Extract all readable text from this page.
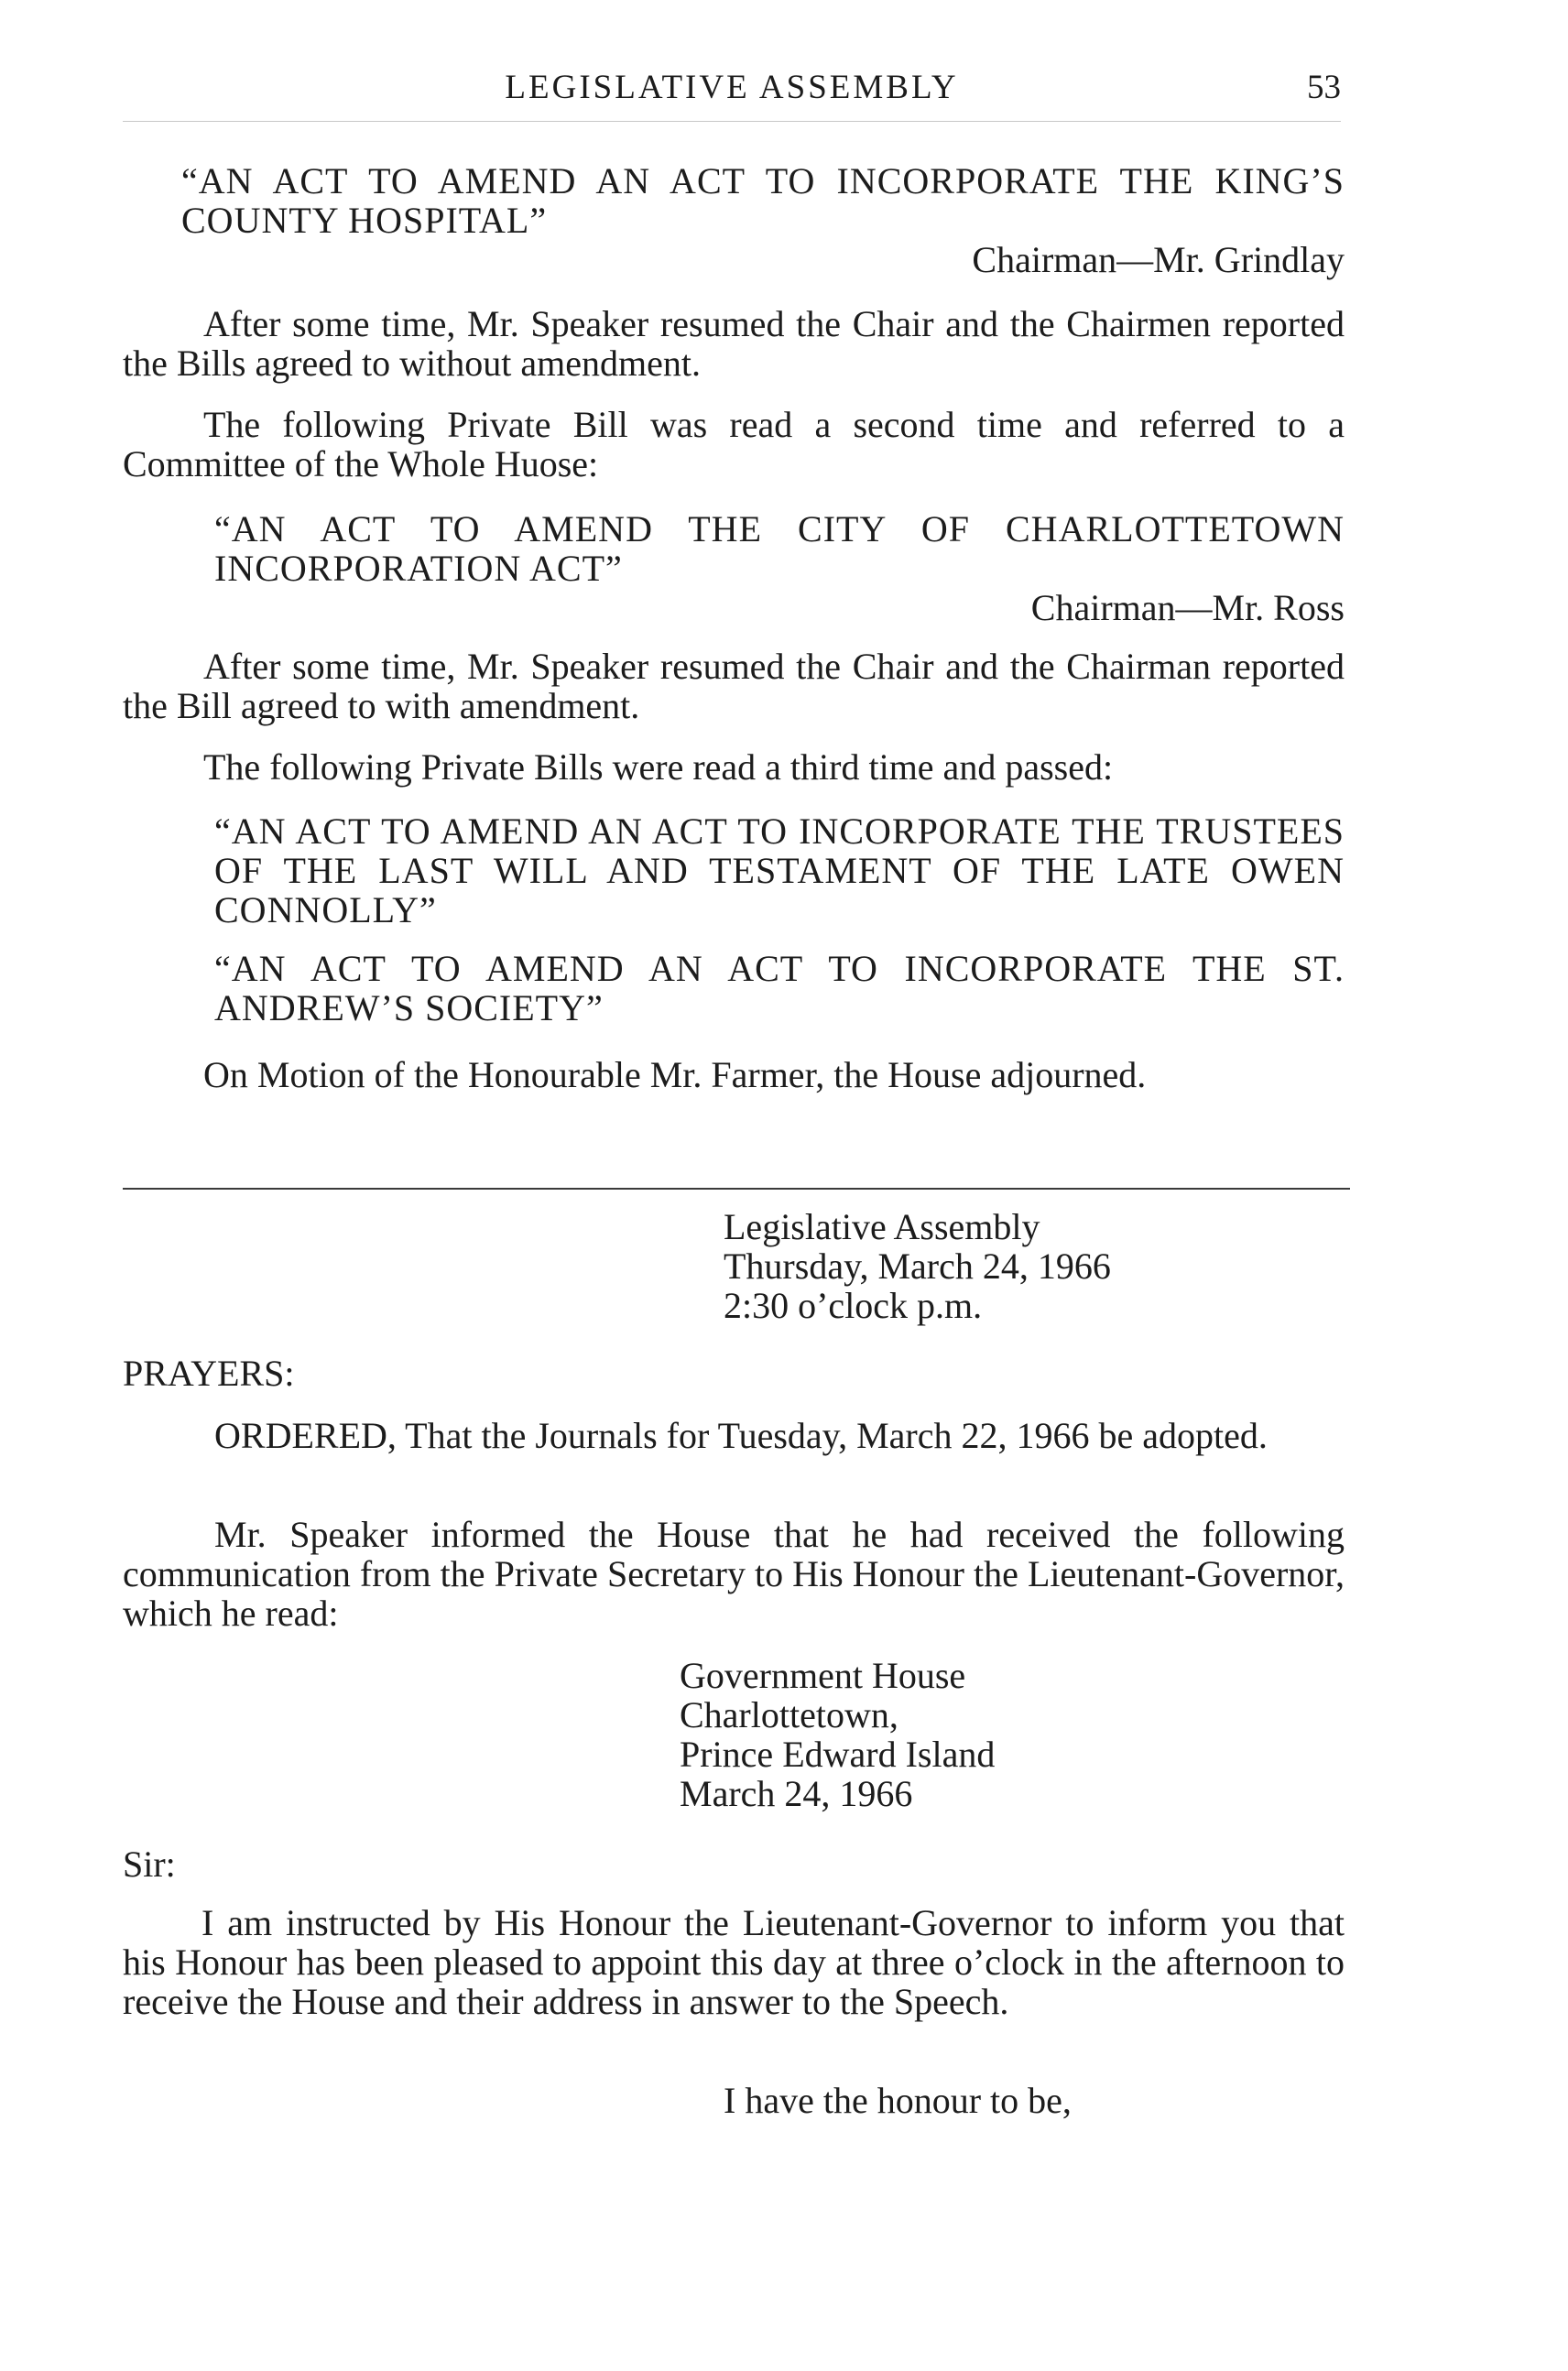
LEGISLATIVE ASSEMBLY	53

“AN ACT TO AMEND AN ACT TO INCORPORATE THE KING’S COUNTY HOSPITAL”

Chairman—Mr. Grindlay

After some time, Mr. Speaker resumed the Chair and the Chairmen reported the Bills agreed to without amendment.

The following Private Bill was read a second time and referred to a Committee of the Whole Huose:

“AN ACT TO AMEND THE CITY OF CHARLOTTETOWN INCORPORATION ACT”

Chairman—Mr. Ross

After some time, Mr. Speaker resumed the Chair and the Chairman reported the Bill agreed to with amendment.

The following Private Bills were read a third time and passed:

“AN ACT TO AMEND AN ACT TO INCORPORATE THE TRUSTEES OF THE LAST WILL AND TESTAMENT OF THE LATE OWEN CONNOLLY”

“AN ACT TO AMEND AN ACT TO INCORPORATE THE ST. ANDREW’S SOCIETY”

On Motion of the Honourable Mr. Farmer, the House adjourned.

Legislative Assembly
Thursday, March 24, 1966
2:30 o’clock p.m.

PRAYERS:

ORDERED, That the Journals for Tuesday, March 22, 1966 be adopted.

Mr. Speaker informed the House that he had received the following communication from the Private Secretary to His Honour the Lieutenant-Governor, which he read:

Government House
Charlottetown,
Prince Edward Island
March 24, 1966

Sir:

I am instructed by His Honour the Lieutenant-Governor to inform you that his Honour has been pleased to appoint this day at three o’clock in the afternoon to receive the House and their address in answer to the Speech.

I have the honour to be,
